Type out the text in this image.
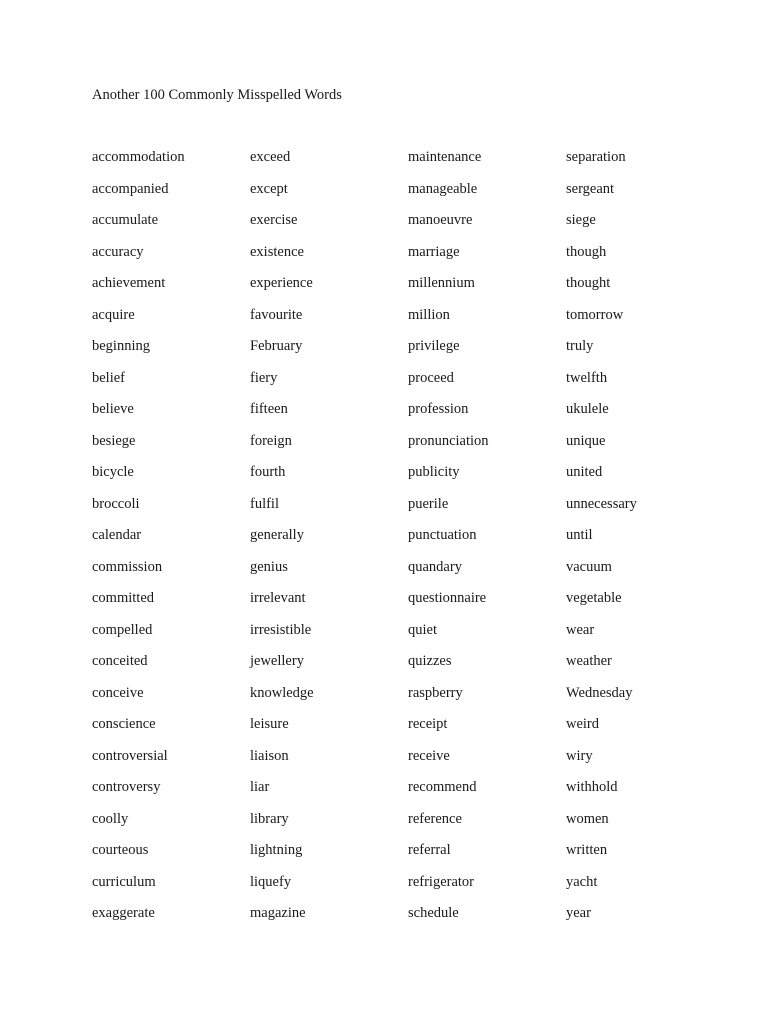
Another 100 Commonly Misspelled Words
accommodation
accompanied
accumulate
accuracy
achievement
acquire
beginning
belief
believe
besiege
bicycle
broccoli
calendar
commission
committed
compelled
conceited
conceive
conscience
controversial
controversy
coolly
courteous
curriculum
exaggerate
exceed
except
exercise
existence
experience
favourite
February
fiery
fifteen
foreign
fourth
fulfil
generally
genius
irrelevant
irresistible
jewellery
knowledge
leisure
liaison
liar
library
lightning
liquefy
magazine
maintenance
manageable
manoeuvre
marriage
millennium
million
privilege
proceed
profession
pronunciation
publicity
puerile
punctuation
quandary
questionnaire
quiet
quizzes
raspberry
receipt
receive
recommend
reference
referral
refrigerator
schedule
separation
sergeant
siege
though
thought
tomorrow
truly
twelfth
ukulele
unique
united
unnecessary
until
vacuum
vegetable
wear
weather
Wednesday
weird
wiry
withhold
women
written
yacht
year
